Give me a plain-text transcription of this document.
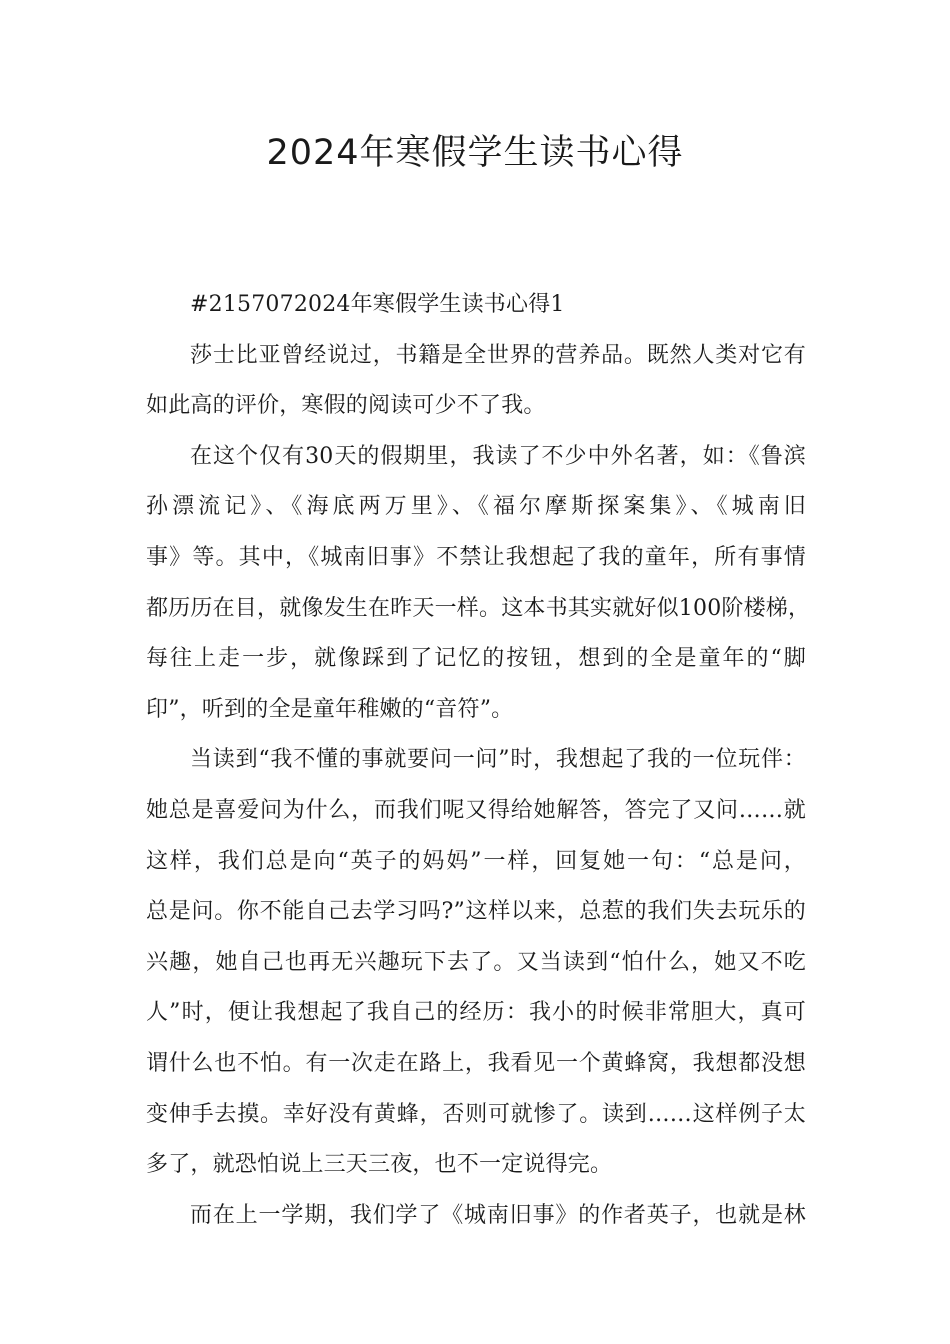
2024年寒假学生读书心得
#2157072024年寒假学生读书心得1
莎士比亚曾经说过，书籍是全世界的营养品。既然人类对它有
如此高的评价，寒假的阅读可少不了我。
在这个仅有30天的假期里，我读了不少中外名著，如：《鲁滨
孙漂流记》、《海底两万里》、《福尔摩斯探案集》、《城南旧
事》等。其中，《城南旧事》不禁让我想起了我的童年，所有事情
都历历在目，就像发生在昨天一样。这本书其实就好似100阶楼梯，
每往上走一步，就像踩到了记忆的按钮，想到的全是童年的“脚
印”，听到的全是童年稚嫩的“音符”。
当读到“我不懂的事就要问一问”时，我想起了我的一位玩伴：
她总是喜爱问为什么，而我们呢又得给她解答，答完了又问……就
这样，我们总是向“英子的妈妈”一样，回复她一句：“总是问，
总是问。你不能自己去学习吗?”这样以来，总惹的我们失去玩乐的
兴趣，她自己也再无兴趣玩下去了。又当读到“怕什么，她又不吃
人”时，便让我想起了我自己的经历：我小的时候非常胆大，真可
谓什么也不怕。有一次走在路上，我看见一个黄蜂窝，我想都没想
变伸手去摸。幸好没有黄蜂，否则可就惨了。读到……这样例子太
多了，就恐怕说上三天三夜，也不一定说得完。
而在上一学期，我们学了《城南旧事》的作者英子，也就是林
